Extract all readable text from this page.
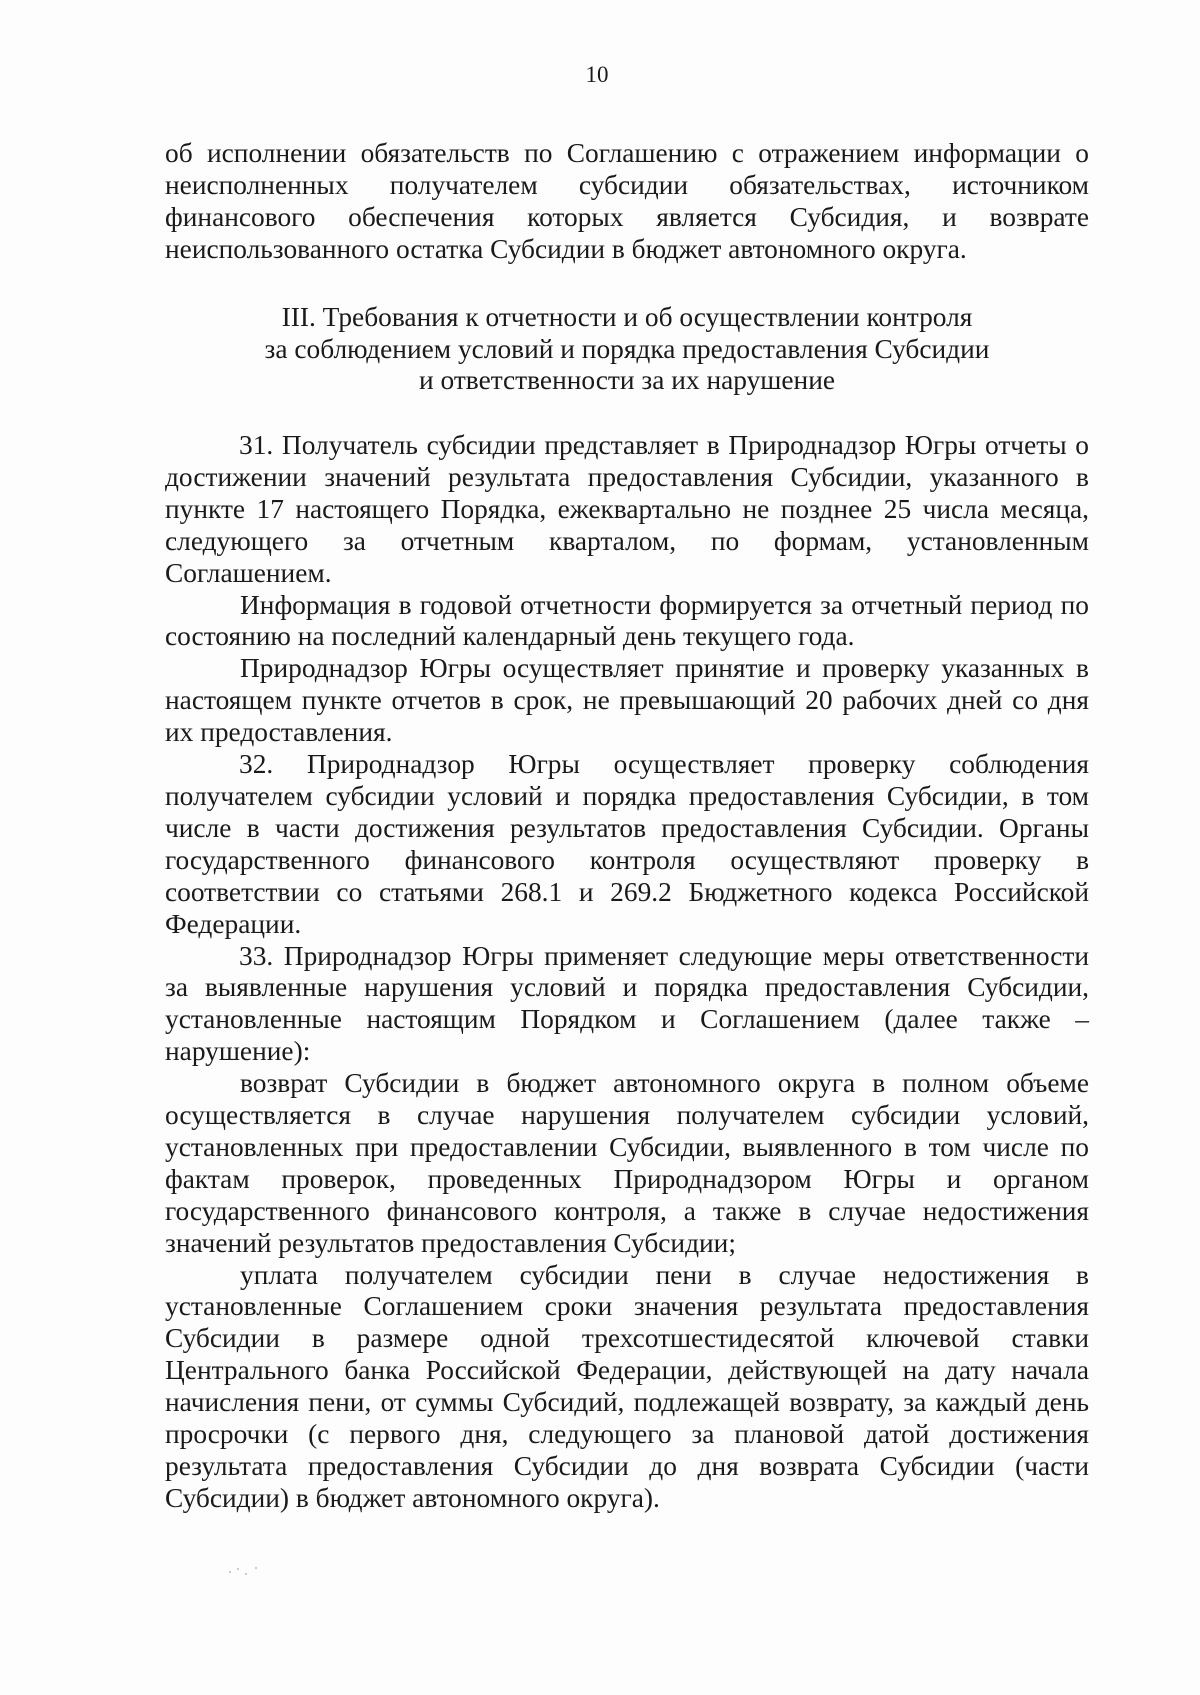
10

об исполнении обязательств по Соглашению с отражением информации о неисполненных получателем субсидии обязательствах, источником финансового обеспечения которых является Субсидия, и возврате неиспользованного остатка Субсидии в бюджет автономного округа.

III. Требования к отчетности и об осуществлении контроля
за соблюдением условий и порядка предоставления Субсидии
и ответственности за их нарушение

31. Получатель субсидии представляет в Природнадзор Югры отчеты о достижении значений результата предоставления Субсидии, указанного в пункте 17 настоящего Порядка, ежеквартально не позднее 25 числа месяца, следующего за отчетным кварталом, по формам, установленным Соглашением.

Информация в годовой отчетности формируется за отчетный период по состоянию на последний календарный день текущего года.

Природнадзор Югры осуществляет принятие и проверку указанных в настоящем пункте отчетов в срок, не превышающий 20 рабочих дней со дня их предоставления.

32. Природнадзор Югры осуществляет проверку соблюдения получателем субсидии условий и порядка предоставления Субсидии, в том числе в части достижения результатов предоставления Субсидии. Органы государственного финансового контроля осуществляют проверку в соответствии со статьями 268.1 и 269.2 Бюджетного кодекса Российской Федерации.

33. Природнадзор Югры применяет следующие меры ответственности за выявленные нарушения условий и порядка предоставления Субсидии, установленные настоящим Порядком и Соглашением (далее также – нарушение):

возврат Субсидии в бюджет автономного округа в полном объеме осуществляется в случае нарушения получателем субсидии условий, установленных при предоставлении Субсидии, выявленного в том числе по фактам проверок, проведенных Природнадзором Югры и органом государственного финансового контроля, а также в случае недостижения значений результатов предоставления Субсидии;

уплата получателем субсидии пени в случае недостижения в установленные Соглашением сроки значения результата предоставления Субсидии в размере одной трехсотшестидесятой ключевой ставки Центрального банка Российской Федерации, действующей на дату начала начисления пени, от суммы Субсидий, подлежащей возврату, за каждый день просрочки (с первого дня, следующего за плановой датой достижения результата предоставления Субсидии до дня возврата Субсидии (части Субсидии) в бюджет автономного округа).
